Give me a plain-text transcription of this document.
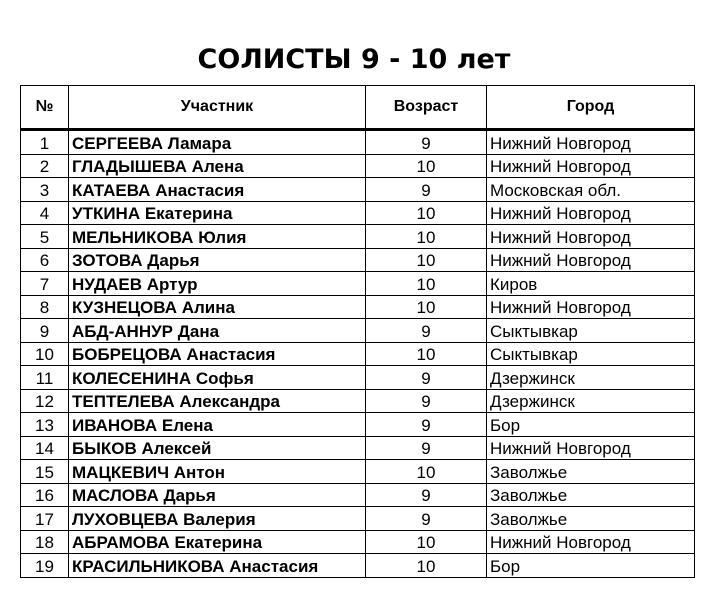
СОЛИСТЫ 9 - 10 лет
№	Участник	Возраст	Город
1	СЕРГЕЕВА Ламара	9	Нижний Новгород
2	ГЛАДЫШЕВА Алена	10	Нижний Новгород
3	КАТАЕВА Анастасия	9	Московская обл.
4	УТКИНА Екатерина	10	Нижний Новгород
5	МЕЛЬНИКОВА Юлия	10	Нижний Новгород
6	ЗОТОВА Дарья	10	Нижний Новгород
7	НУДАЕВ Артур	10	Киров
8	КУЗНЕЦОВА Алина	10	Нижний Новгород
9	АБД-АННУР Дана	9	Сыктывкар
10	БОБРЕЦОВА Анастасия	10	Сыктывкар
11	КОЛЕСЕНИНА Софья	9	Дзержинск
12	ТЕПТЕЛЕВА Александра	9	Дзержинск
13	ИВАНОВА Елена	9	Бор
14	БЫКОВ Алексей	9	Нижний Новгород
15	МАЦКЕВИЧ Антон	10	Заволжье
16	МАСЛОВА Дарья	9	Заволжье
17	ЛУХОВЦЕВА Валерия	9	Заволжье
18	АБРАМОВА Екатерина	10	Нижний Новгород
19	КРАСИЛЬНИКОВА Анастасия	10	Бор
